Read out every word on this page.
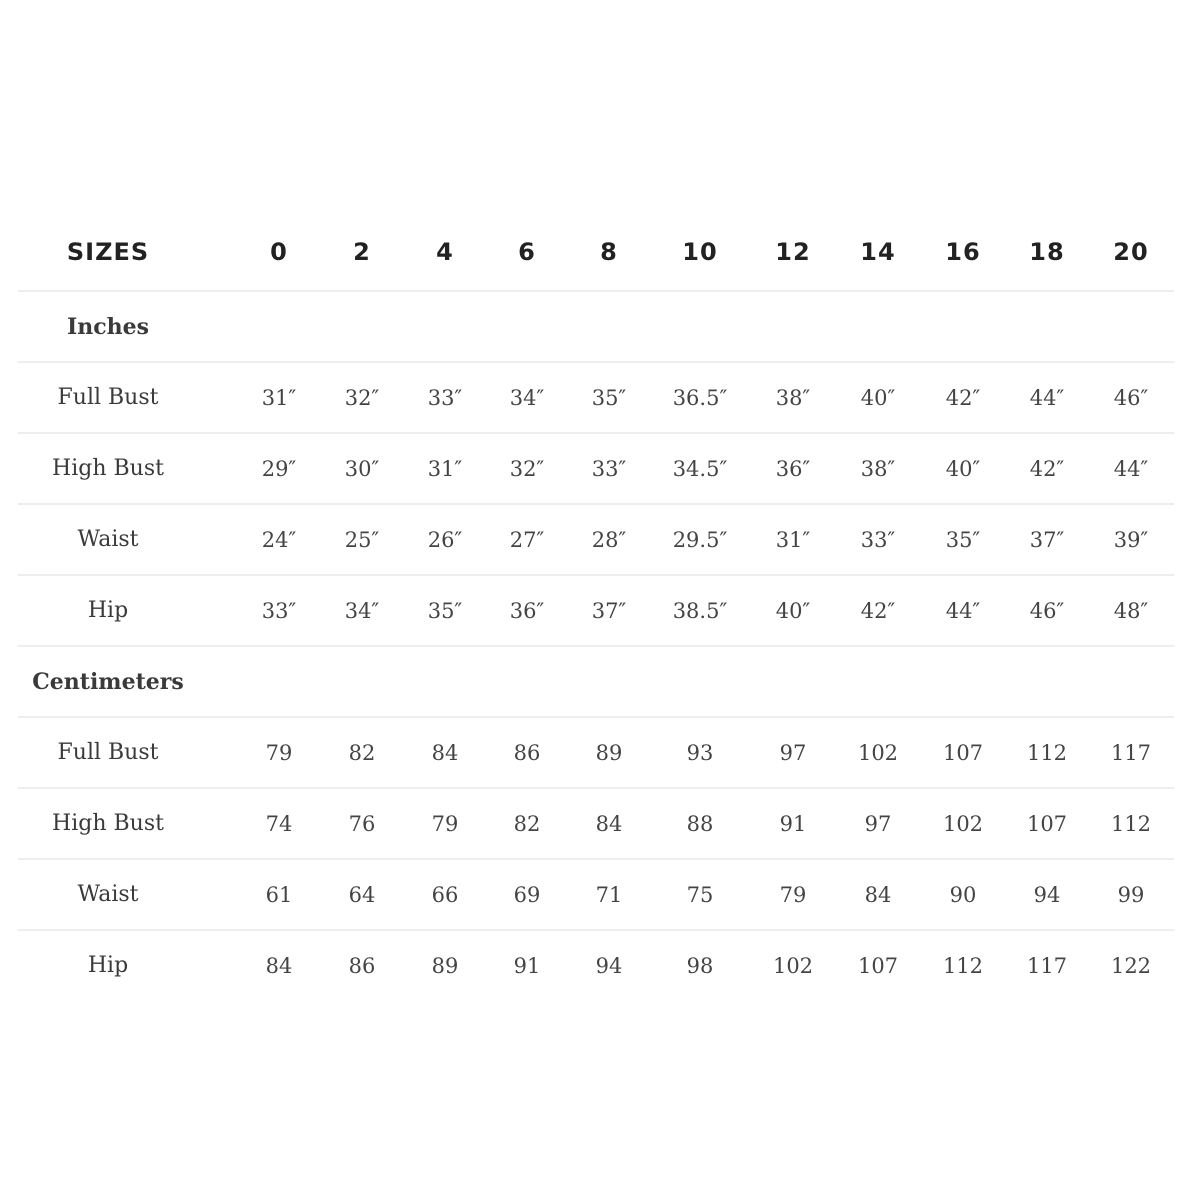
SIZES	0	2	4	6	8	10 12 14 16 18 20
Inches
Full Bust	31″ 32″ 33″ 34″ 35″ 36.5″ 38″ 40″ 42″ 44″ 46″
High Bust	29″ 30″ 31″ 32″ 33″ 34.5″ 36″ 38″ 40″ 42″ 44″
Waist	24″ 25″ 26″ 27″ 28″ 29.5″ 31″ 33″ 35″ 37″ 39″
Hip	33″ 34″ 35″ 36″ 37″ 38.5″ 40″ 42″ 44″ 46″ 48″
Centimeters
Full Bust	79	82	84	86	89	93	97 102 107 112 117
High Bust	74	76	79	82	84	88	91	97 102 107 112
Waist	61	64	66	69	71	75	79	84	90	94	99
Hip	84	86	89	91	94	98	102 107 112 117 122
